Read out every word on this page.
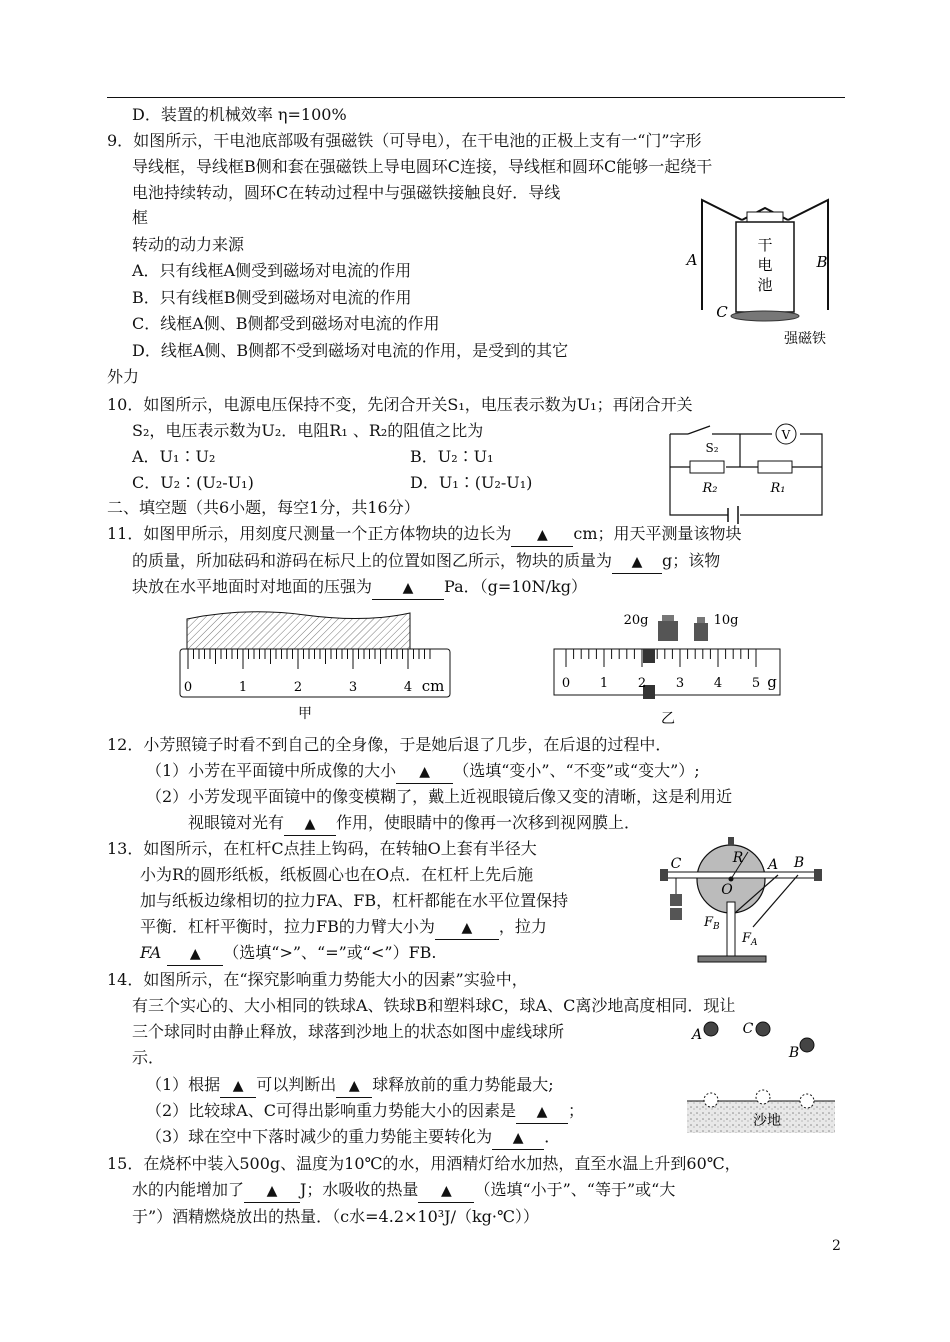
D．装置的机械效率 η=100%
9．如图所示，干电池底部吸有强磁铁（可导电），在干电池的正极上支有一“门”字形
导线框，导线框B侧和套在强磁铁上导电圆环C连接，导线框和圆环C能够一起绕干
电池持续转动，圆环C在转动过程中与强磁铁接触良好．导线
框
转动的动力来源
A．只有线框A侧受到磁场对电流的作用
B．只有线框B侧受到磁场对电流的作用
C．线框A侧、B侧都受到磁场对电流的作用
D．线框A侧、B侧都不受到磁场对电流的作用，是受到的其它
外力
干
电
池
A	B
C
强磁铁
10．如图所示，电源电压保持不变，先闭合开关S₁，电压表示数为U₁；再闭合开关
S₂，电压表示数为U₂．电阻R₁ 、R₂的阻值之比为
A．U₁∶U₂	B．U₂∶U₁
C．U₂∶(U₂-U₁)	D．U₁∶(U₂-U₁)
V
S₂
R₂	R₁
二、填空题（共6小题，每空1分，共16分）
11．如图甲所示，用刻度尺测量一个正方体物块的边长为 ▲ cm；用天平测量该物块
的质量，所加砝码和游码在标尺上的位置如图乙所示，物块的质量为 ▲ g；该物
块放在水平地面时对地面的压强为 ▲ Pa．（g=10N/kg）
0	1	2	3	4 cm
甲
20g	10g
0 1 2 3 4 5 g
乙
12．小芳照镜子时看不到自己的全身像，于是她后退了几步，在后退的过程中．
（1）小芳在平面镜中所成像的大小 ▲ （选填“变小”、“不变”或“变大”）;
（2）小芳发现平面镜中的像变模糊了，戴上近视眼镜后像又变的清晰，这是利用近
视眼镜对光有 ▲ 作用，使眼睛中的像再一次移到视网膜上．
13．如图所示，在杠杆C点挂上钩码，在转轴O上套有半径大
小为R的圆形纸板，纸板圆心也在O点．在杠杆上先后施
加与纸板边缘相切的拉力FA、FB，杠杆都能在水平位置保持
平衡．杠杆平衡时，拉力FB的力臂大小为 ▲ ，拉力
FA ▲ （选填“>”、“=”或“<”）FB.
C	R A B
O
$F_B$
$F_A$
14．如图所示，在“探究影响重力势能大小的因素”实验中，
有三个实心的、大小相同的铁球A、铁球B和塑料球C，球A、C离沙地高度相同．现让
三个球同时由静止释放，球落到沙地上的状态如图中虚线球所
示．
（1）根据 ▲ 可以判断出 ▲ 球释放前的重力势能最大;
（2）比较球A、C可得出影响重力势能大小的因素是 ▲ ；
（3）球在空中下落时减少的重力势能主要转化为 ▲ ．
A	C
B
沙地
15．在烧杯中装入500g、温度为10℃的水，用酒精灯给水加热，直至水温上升到60℃，
水的内能增加了 ▲ J；水吸收的热量 ▲ （选填“小于”、“等于”或“大
于”）酒精燃烧放出的热量．（c水=4.2×10³J/（kg·℃））
2
